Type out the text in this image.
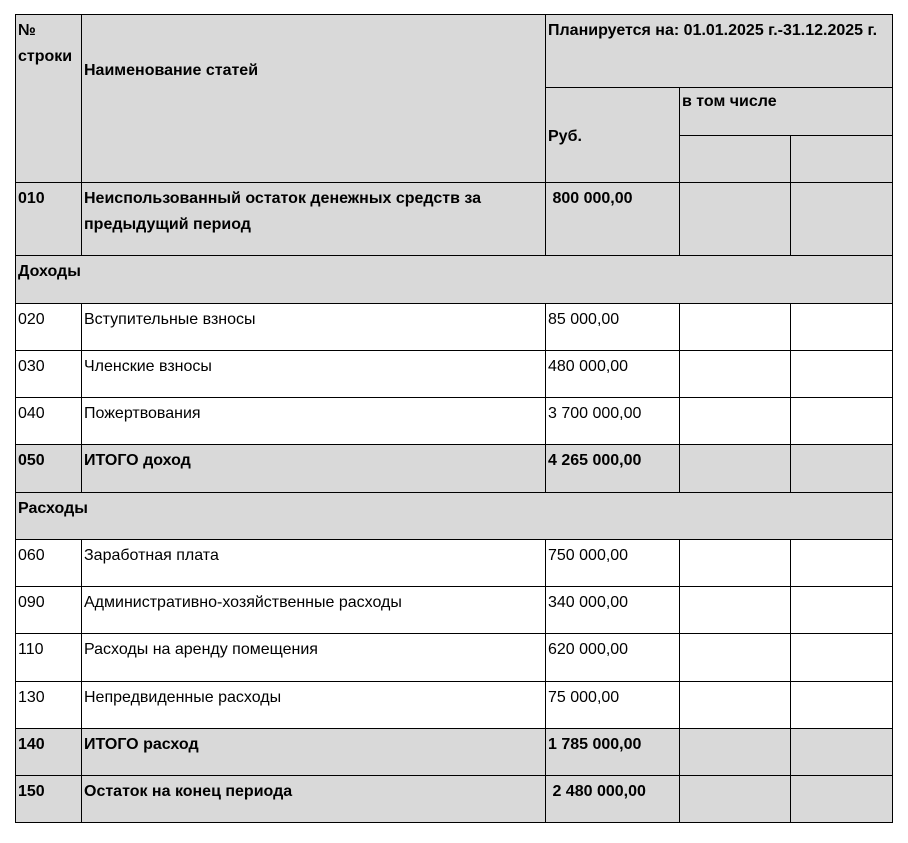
№ строки	Наименование статей	Планируется на: 01.01.2025 г.-31.12.2025 г.		
		Руб.	в том числе	

010	Неиспользованный остаток денежных средств за предыдущий период	800 000,00		
Доходы				
020	Вступительные взносы	85 000,00		
030	Членские взносы	480 000,00		
040	Пожертвования	3 700 000,00		
050	ИТОГО доход	4 265 000,00		
Расходы				
060	Заработная плата	750 000,00		
090	Административно-хозяйственные расходы	340 000,00		
110	Расходы на аренду помещения	620 000,00		
130	Непредвиденные расходы	75 000,00		
140	ИТОГО расход	1 785 000,00		
150	Остаток на конец периода	2 480 000,00		
